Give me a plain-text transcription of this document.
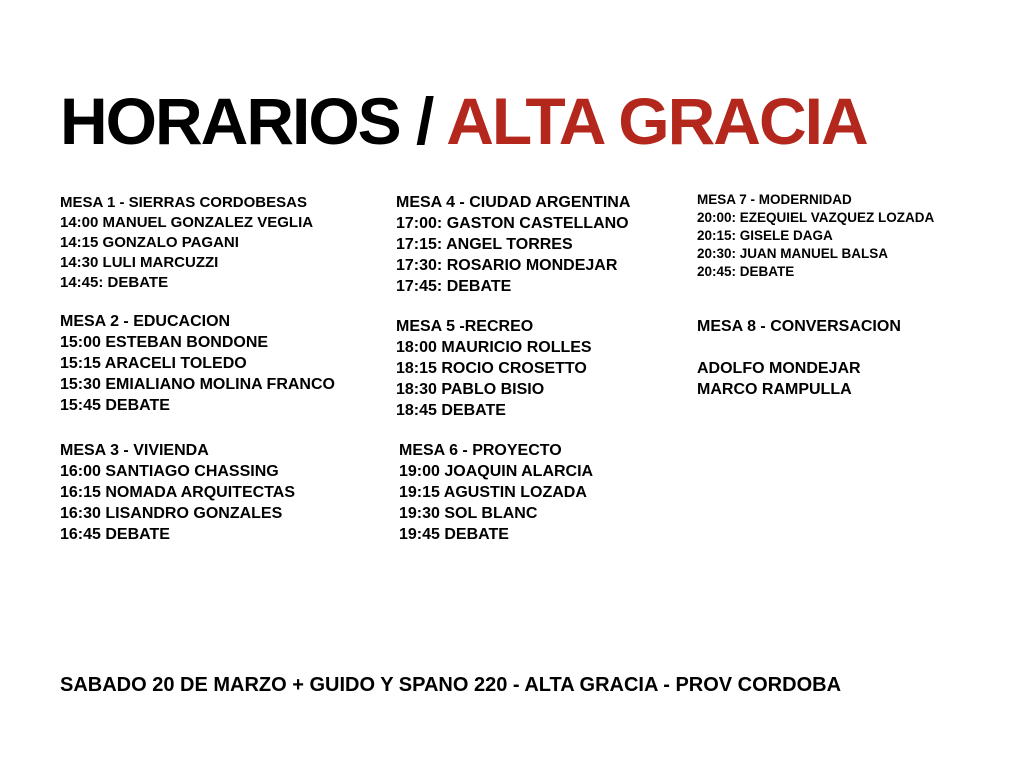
HORARIOS / ALTA GRACIA
MESA 1 - SIERRAS CORDOBESAS
14:00 MANUEL GONZALEZ VEGLIA
14:15 GONZALO PAGANI
14:30 LULI MARCUZZI
14:45: DEBATE
MESA 2 - EDUCACION
15:00 ESTEBAN BONDONE
15:15 ARACELI TOLEDO
15:30 EMIALIANO MOLINA FRANCO
15:45 DEBATE
MESA 3 - VIVIENDA
16:00 SANTIAGO CHASSING
16:15 NOMADA ARQUITECTAS
16:30 LISANDRO GONZALES
16:45 DEBATE
MESA 4 - CIUDAD ARGENTINA
17:00: GASTON CASTELLANO
17:15: ANGEL TORRES
17:30: ROSARIO MONDEJAR
17:45: DEBATE
MESA 5 -RECREO
18:00 MAURICIO ROLLES
18:15 ROCIO CROSETTO
18:30 PABLO BISIO
18:45 DEBATE
MESA 6 - PROYECTO
19:00 JOAQUIN ALARCIA
19:15 AGUSTIN LOZADA
19:30 SOL BLANC
19:45 DEBATE
MESA 7 - MODERNIDAD
20:00: EZEQUIEL VAZQUEZ LOZADA
20:15: GISELE DAGA
20:30: JUAN MANUEL BALSA
20:45: DEBATE
MESA 8 - CONVERSACION
ADOLFO MONDEJAR
MARCO RAMPULLA
SABADO 20 DE MARZO + GUIDO Y SPANO 220 - ALTA GRACIA - PROV CORDOBA
